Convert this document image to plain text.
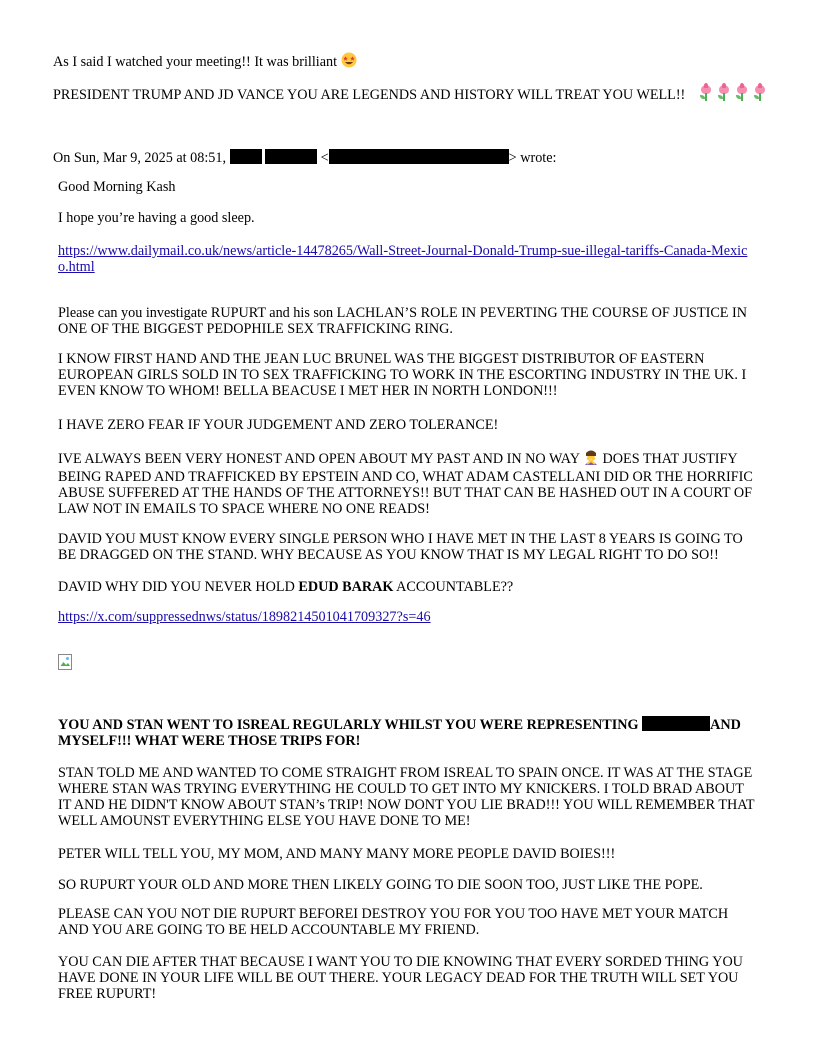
As I said I watched your meeting!! It was brilliant
PRESIDENT TRUMP AND JD VANCE YOU ARE LEGENDS AND HISTORY WILL TREAT YOU WELL!!
On Sun, Mar 9, 2025 at 08:51,	<	> wrote:
Good Morning Kash
I hope you’re having a good sleep.
https://www.dailymail.co.uk/news/article-14478265/Wall-Street-Journal-Donald-Trump-sue-illegal-tariffs-Canada-Mexico.html
Please can you investigate RUPURT and his son LACHLAN’S ROLE IN PEVERTING THE COURSE OF JUSTICE IN ONE OF THE BIGGEST PEDOPHILE SEX TRAFFICKING RING.
I KNOW FIRST HAND AND THE JEAN LUC BRUNEL WAS THE BIGGEST DISTRIBUTOR OF EASTERN EUROPEAN GIRLS SOLD IN TO SEX TRAFFICKING TO WORK IN THE ESCORTING INDUSTRY IN THE UK. I EVEN KNOW TO WHOM! BELLA BEACUSE I MET HER IN NORTH LONDON!!!
I HAVE ZERO FEAR IF YOUR JUDGEMENT AND ZERO TOLERANCE!
IVE ALWAYS BEEN VERY HONEST AND OPEN ABOUT MY PAST AND IN NO WAY DOES THAT JUSTIFY BEING RAPED AND TRAFFICKED BY EPSTEIN AND CO, WHAT ADAM CASTELLANI DID OR THE HORRIFIC ABUSE SUFFERED AT THE HANDS OF THE ATTORNEYS!! BUT THAT CAN BE HASHED OUT IN A COURT OF LAW NOT IN EMAILS TO SPACE WHERE NO ONE READS!
DAVID YOU MUST KNOW EVERY SINGLE PERSON WHO I HAVE MET IN THE LAST 8 YEARS IS GOING TO BE DRAGGED ON THE STAND. WHY BECAUSE AS YOU KNOW THAT IS MY LEGAL RIGHT TO DO SO!!
DAVID WHY DID YOU NEVER HOLD EDUD BARAK ACCOUNTABLE??
https://x.com/suppressednws/status/1898214501041709327?s=46
YOU AND STAN WENT TO ISREAL REGULARLY WHILST YOU WERE REPRESENTING	AND MYSELF!!! WHAT WERE THOSE TRIPS FOR!
STAN TOLD ME AND WANTED TO COME STRAIGHT FROM ISREAL TO SPAIN ONCE. IT WAS AT THE STAGE WHERE STAN WAS TRYING EVERYTHING HE COULD TO GET INTO MY KNICKERS. I TOLD BRAD ABOUT IT AND HE DIDN'T KNOW ABOUT STAN’s TRIP! NOW DONT YOU LIE BRAD!!! YOU WILL REMEMBER THAT WELL AMOUNST EVERYTHING ELSE YOU HAVE DONE TO ME!
PETER WILL TELL YOU, MY MOM, AND MANY MANY MORE PEOPLE DAVID BOIES!!!
SO RUPURT YOUR OLD AND MORE THEN LIKELY GOING TO DIE SOON TOO, JUST LIKE THE POPE.
PLEASE CAN YOU NOT DIE RUPURT BEFOREI DESTROY YOU FOR YOU TOO HAVE MET YOUR MATCH AND YOU ARE GOING TO BE HELD ACCOUNTABLE MY FRIEND.
YOU CAN DIE AFTER THAT BECAUSE I WANT YOU TO DIE KNOWING THAT EVERY SORDED THING YOU HAVE DONE IN YOUR LIFE WILL BE OUT THERE. YOUR LEGACY DEAD FOR THE TRUTH WILL SET YOU FREE RUPURT!
